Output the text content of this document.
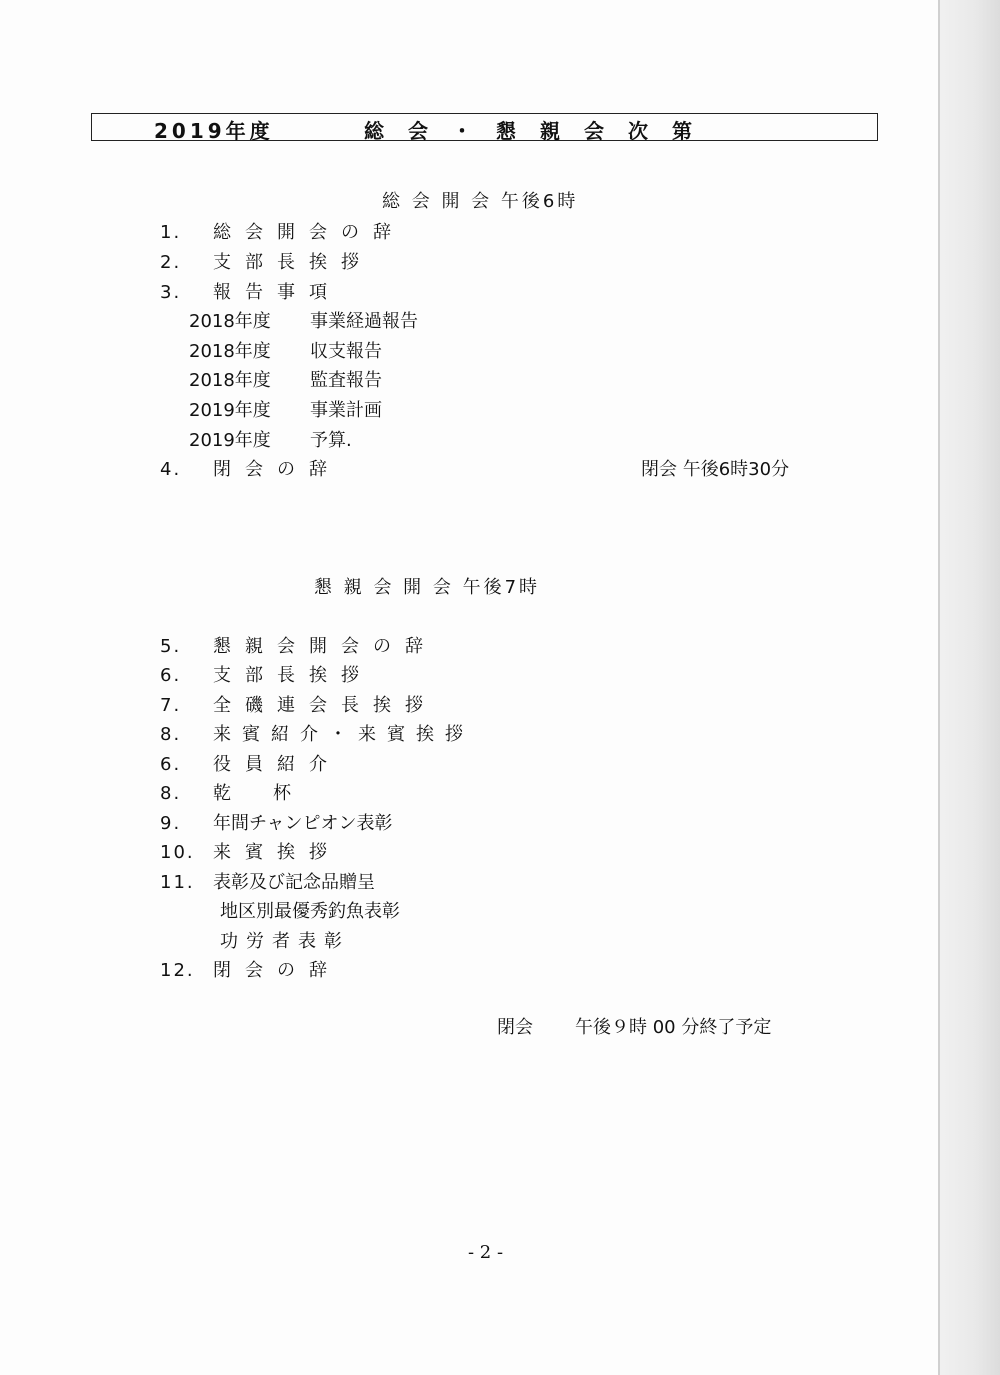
2019年度	総会・懇親会次第
総 会 開 会 午後6時
1. 総会開会の辞
2. 支部長挨拶
3. 報告事項
2018年度 事業経過報告
2018年度 収支報告
2018年度 監査報告
2019年度 事業計画
2019年度 予算.
4. 閉会の辞	閉会 午後6時30分
懇 親 会 開 会 午後7時
5. 懇親会開会の辞
6. 支部長挨拶
7. 全磯連会長挨拶
8. 来賓紹介・来賓挨拶
6. 役員紹介
8. 乾　　杯
9. 年間チャンピオン表彰
10. 来賓挨拶
11. 表彰及び記念品贈呈
地区別最優秀釣魚表彰
功労者表彰
12. 閉会の辞
閉会 午後９時 00 分終了予定
- 2 -
